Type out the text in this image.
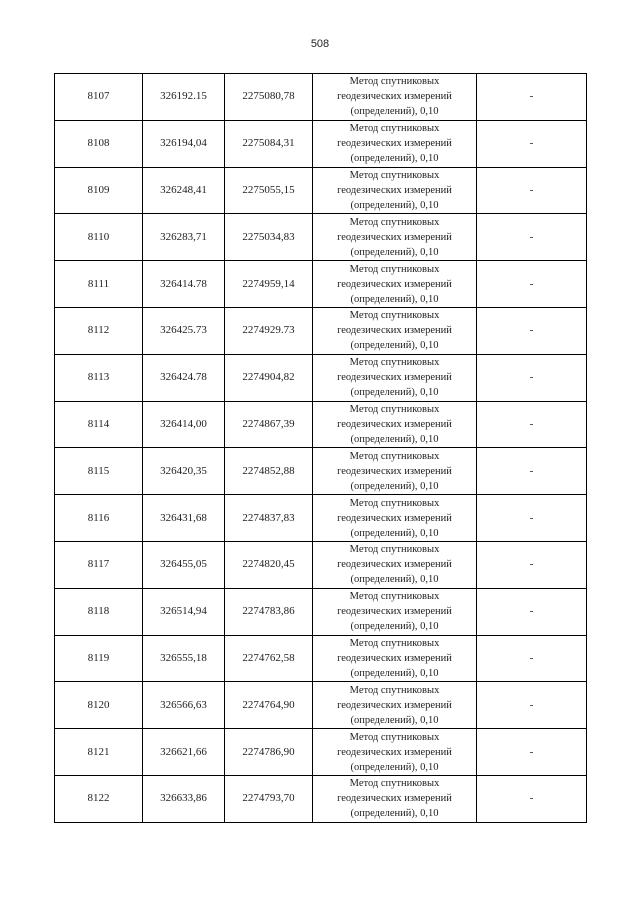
508
8107	326192.15	2275080,78	Метод спутниковых
геодезических измерений
(определений), 0,10	-
8108	326194,04	2275084,31	Метод спутниковых
геодезических измерений
(определений), 0,10	-
8109	326248,41	2275055,15	Метод спутниковых
геодезических измерений
(определений), 0,10	-
8110	326283,71	2275034,83	Метод спутниковых
геодезических измерений
(определений), 0,10	-
8111	326414.78	2274959,14	Метод спутниковых
геодезических измерений
(определений), 0,10	-
8112	326425.73	2274929.73	Метод спутниковых
геодезических измерений
(определений), 0,10	-
8113	326424.78	2274904,82	Метод спутниковых
геодезических измерений
(определений), 0,10	-
8114	326414,00	2274867,39	Метод спутниковых
геодезических измерений
(определений), 0,10	-
8115	326420,35	2274852,88	Метод спутниковых
геодезических измерений
(определений), 0,10	-
8116	326431,68	2274837,83	Метод спутниковых
геодезических измерений
(определений), 0,10	-
8117	326455,05	2274820,45	Метод спутниковых
геодезических измерений
(определений), 0,10	-
8118	326514,94	2274783,86	Метод спутниковых
геодезических измерений
(определений), 0,10	-
8119	326555,18	2274762,58	Метод спутниковых
геодезических измерений
(определений), 0,10	-
8120	326566,63	2274764,90	Метод спутниковых
геодезических измерений
(определений), 0,10	-
8121	326621,66	2274786,90	Метод спутниковых
геодезических измерений
(определений), 0,10	-
8122	326633,86	2274793,70	Метод спутниковых
геодезических измерений
(определений), 0,10	-
